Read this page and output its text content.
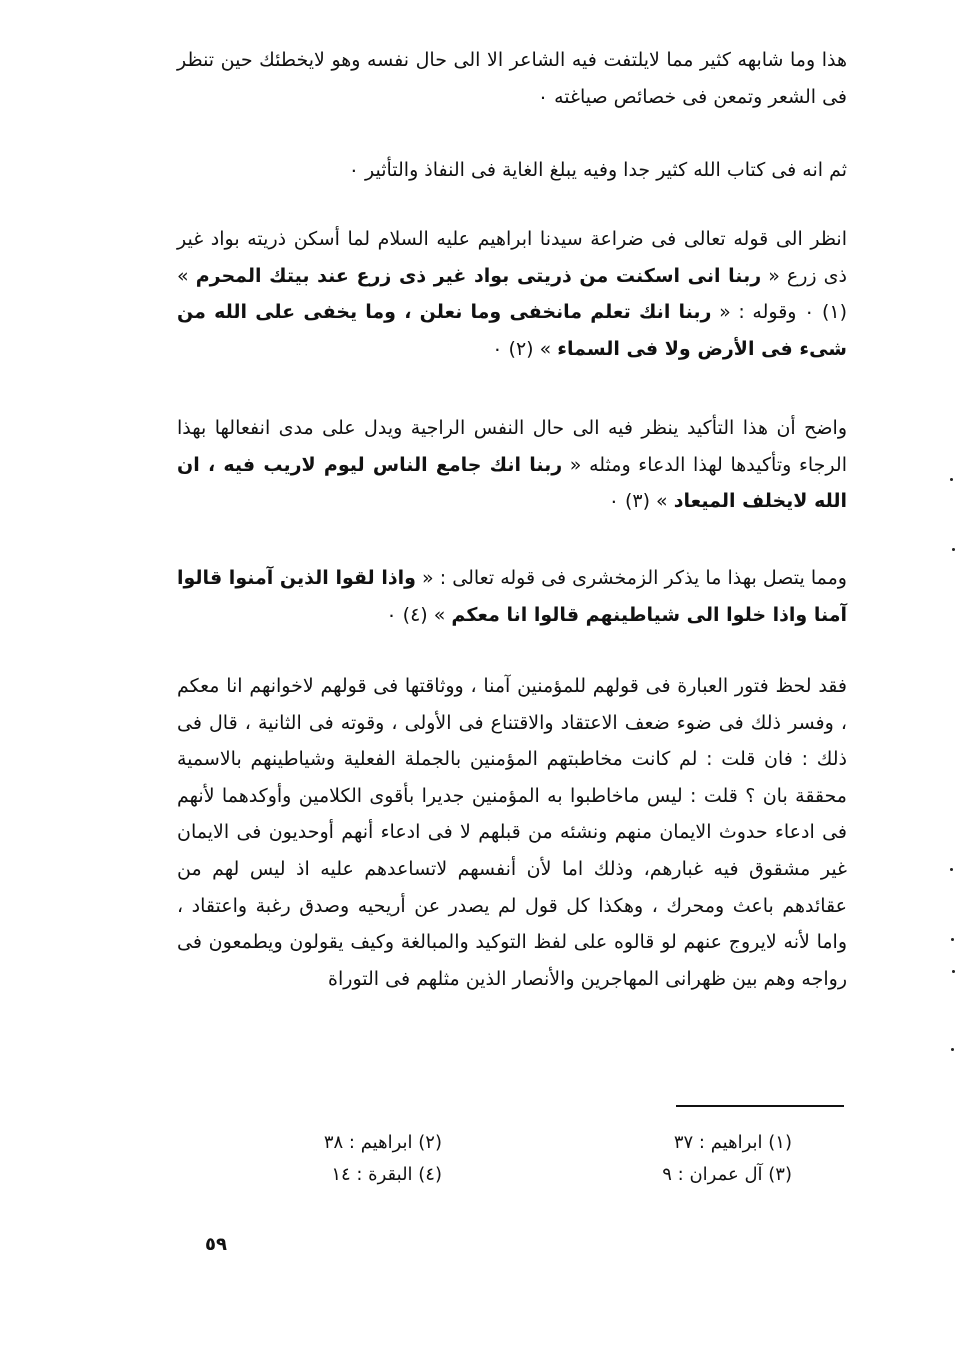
هذا وما شابهه كثير مما لايلتفت فيه الشاعر الا الى حال نفسه وهو لايخطئك حين تنظر فى الشعر وتمعن فى خصائص صياغته ٠

ثم انه فى كتاب الله كثير جدا وفيه يبلغ الغاية فى النفاذ والتأثير ٠

انظر الى قوله تعالى فى ضراعة سيدنا ابراهيم عليه السلام لما أسكن ذريته بواد غير ذى زرع « ربنا انى اسكنت من ذريتى بواد غير ذى زرع عند بيتك المحرم » (١) ٠ وقوله : « ربنا انك تعلم مانخفى وما نعلن ، وما يخفى على الله من شىء فى الأرض ولا فى السماء » (٢) ٠

واضح أن هذا التأكيد ينظر فيه الى حال النفس الراجية ويدل على مدى انفعالها بهذا الرجاء وتأكيدها لهذا الدعاء ومثله « ربنا انك جامع الناس ليوم لاريب فيه ، ان الله لايخلف الميعاد » (٣) ٠

ومما يتصل بهذا ما يذكر الزمخشرى فى قوله تعالى : « واذا لقوا الذين آمنوا قالوا آمنا واذا خلوا الى شياطينهم قالوا انا معكم » (٤) ٠

فقد لحظ فتور العبارة فى قولهم للمؤمنين آمنا ، ووثاقتها فى قولهم لاخوانهم انا معكم ، وفسر ذلك فى ضوء ضعف الاعتقاد والاقتناع فى الأولى ، وقوته فى الثانية ، قال فى ذلك : فان قلت : لم كانت مخاطبتهم المؤمنين بالجملة الفعلية وشياطينهم بالاسمية محققة بان ؟ قلت : ليس ماخاطبوا به المؤمنين جديرا بأقوى الكلامين وأوكدهما لأنهم فى ادعاء حدوث الايمان منهم ونشئه من قبلهم لا فى ادعاء أنهم أوحديون فى الايمان غير مشقوق فيه غبارهم، وذلك اما لأن أنفسهم لاتساعدهم عليه اذ ليس لهم من عقائدهم باعث ومحرك ، وهكذا كل قول لم يصدر عن أريحيه وصدق رغبة واعتقاد ، واما لأنه لايروج عنهم لو قالوه على لفظ التوكيد والمبالغة وكيف يقولون ويطمعون فى رواجه وهم بين ظهرانى المهاجرين والأنصار الذين مثلهم فى التوراة

(١) ابراهيم : ٣٧
(٢) ابراهيم : ٣٨
(٣) آل عمران : ٩
(٤) البقرة : ١٤
٥٩
